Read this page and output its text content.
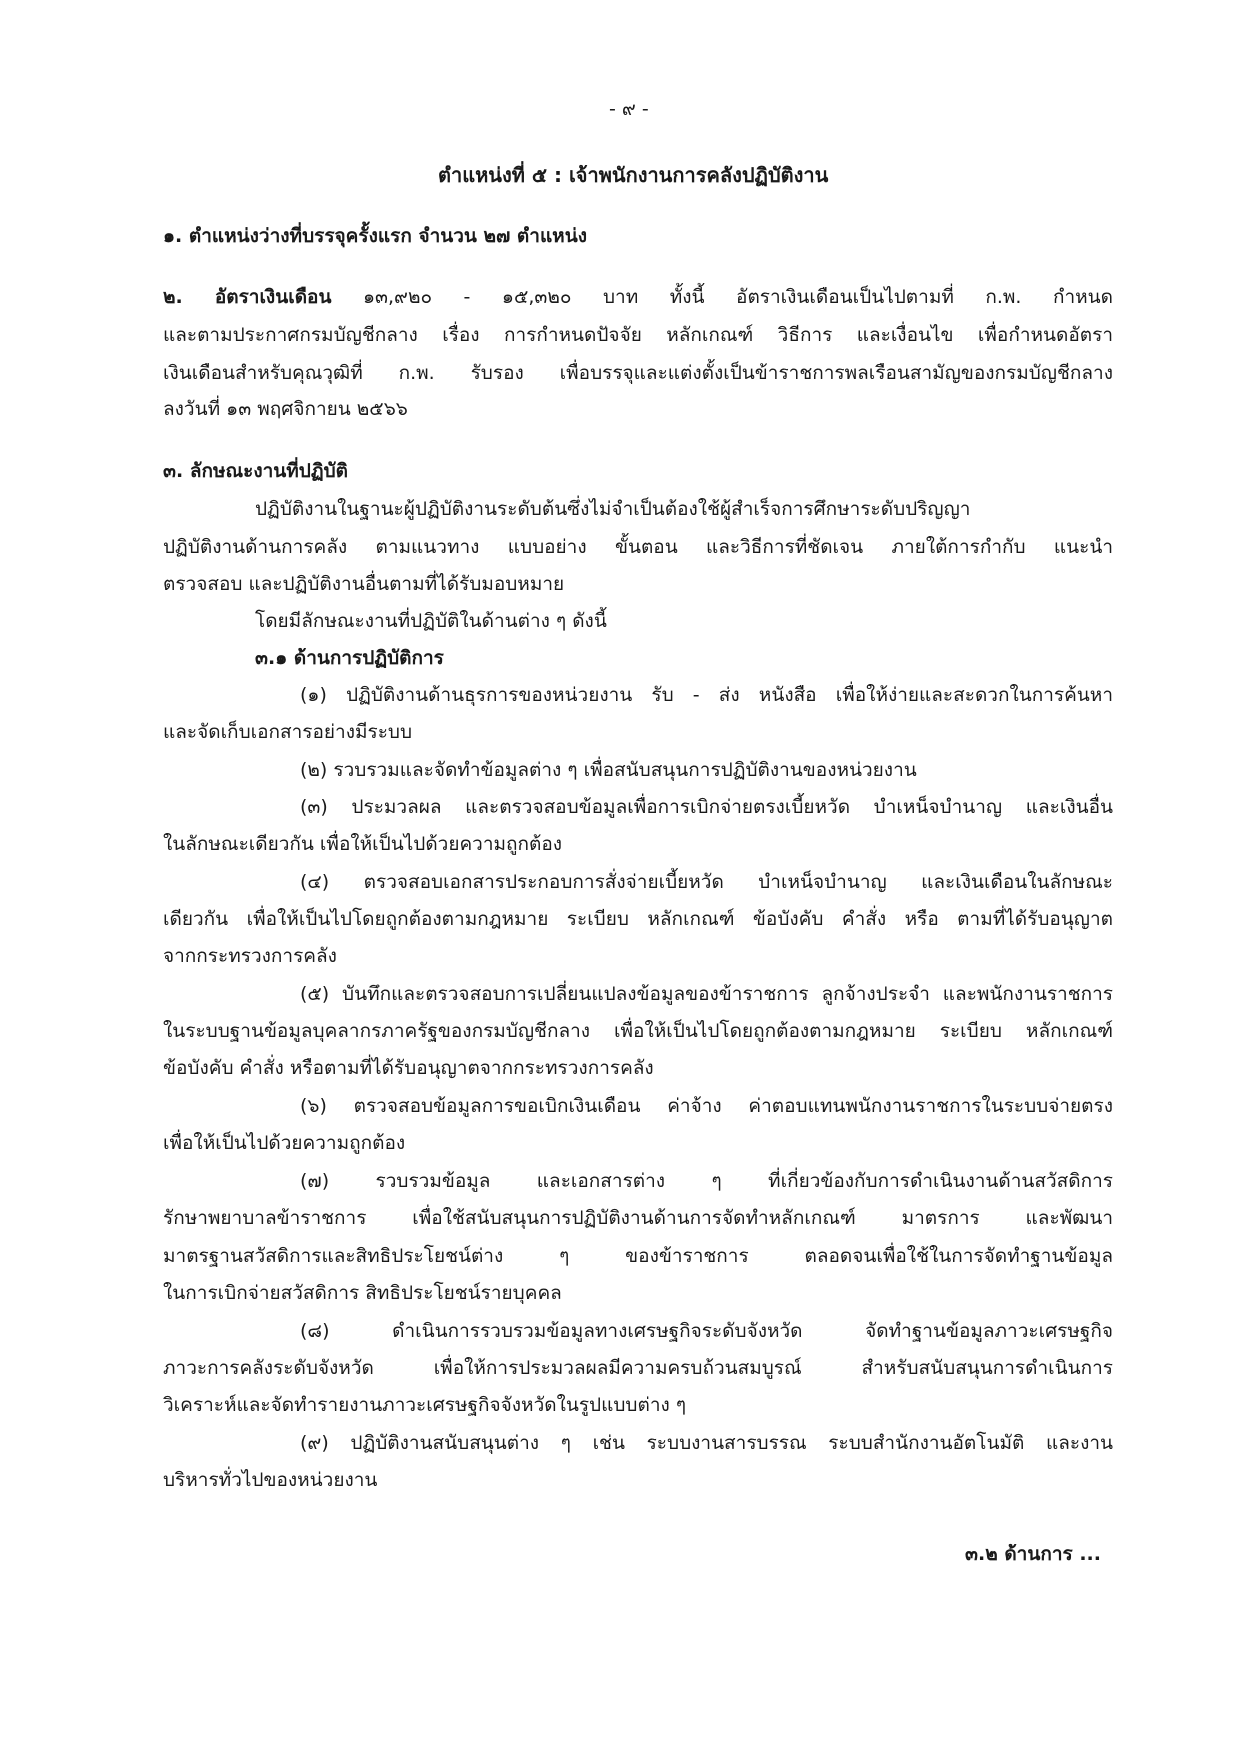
- ๙ -
ตำแหน่งที่ ๕ : เจ้าพนักงานการคลังปฏิบัติงาน
๑. ตำแหน่งว่างที่บรรจุครั้งแรก จำนวน ๒๗ ตำแหน่ง
๒. อัตราเงินเดือน ๑๓,๙๒๐ - ๑๕,๓๒๐ บาท ทั้งนี้ อัตราเงินเดือนเป็นไปตามที่ ก.พ. กำหนด
และตามประกาศกรมบัญชีกลาง เรื่อง การกำหนดปัจจัย หลักเกณฑ์ วิธีการ และเงื่อนไข เพื่อกำหนดอัตรา
เงินเดือนสำหรับคุณวุฒิที่ ก.พ. รับรอง เพื่อบรรจุและแต่งตั้งเป็นข้าราชการพลเรือนสามัญของกรมบัญชีกลาง
ลงวันที่ ๑๓ พฤศจิกายน ๒๕๖๖
๓. ลักษณะงานที่ปฏิบัติ
ปฏิบัติงานในฐานะผู้ปฏิบัติงานระดับต้นซึ่งไม่จำเป็นต้องใช้ผู้สำเร็จการศึกษาระดับปริญญา
ปฏิบัติงานด้านการคลัง ตามแนวทาง แบบอย่าง ขั้นตอน และวิธีการที่ชัดเจน ภายใต้การกำกับ แนะนำ
ตรวจสอบ และปฏิบัติงานอื่นตามที่ได้รับมอบหมาย
โดยมีลักษณะงานที่ปฏิบัติในด้านต่าง ๆ ดังนี้
๓.๑ ด้านการปฏิบัติการ
(๑) ปฏิบัติงานด้านธุรการของหน่วยงาน รับ - ส่ง หนังสือ เพื่อให้ง่ายและสะดวกในการค้นหา
และจัดเก็บเอกสารอย่างมีระบบ
(๒) รวบรวมและจัดทำข้อมูลต่าง ๆ เพื่อสนับสนุนการปฏิบัติงานของหน่วยงาน
(๓) ประมวลผล และตรวจสอบข้อมูลเพื่อการเบิกจ่ายตรงเบี้ยหวัด บำเหน็จบำนาญ และเงินอื่น
ในลักษณะเดียวกัน เพื่อให้เป็นไปด้วยความถูกต้อง
(๔) ตรวจสอบเอกสารประกอบการสั่งจ่ายเบี้ยหวัด บำเหน็จบำนาญ และเงินเดือนในลักษณะ
เดียวกัน เพื่อให้เป็นไปโดยถูกต้องตามกฎหมาย ระเบียบ หลักเกณฑ์ ข้อบังคับ คำสั่ง หรือ ตามที่ได้รับอนุญาต
จากกระทรวงการคลัง
(๕) บันทึกและตรวจสอบการเปลี่ยนแปลงข้อมูลของข้าราชการ ลูกจ้างประจำ และพนักงานราชการ
ในระบบฐานข้อมูลบุคลากรภาครัฐของกรมบัญชีกลาง เพื่อให้เป็นไปโดยถูกต้องตามกฎหมาย ระเบียบ หลักเกณฑ์
ข้อบังคับ คำสั่ง หรือตามที่ได้รับอนุญาตจากกระทรวงการคลัง
(๖) ตรวจสอบข้อมูลการขอเบิกเงินเดือน ค่าจ้าง ค่าตอบแทนพนักงานราชการในระบบจ่ายตรง
เพื่อให้เป็นไปด้วยความถูกต้อง
(๗) รวบรวมข้อมูล และเอกสารต่าง ๆ ที่เกี่ยวข้องกับการดำเนินงานด้านสวัสดิการ
รักษาพยาบาลข้าราชการ เพื่อใช้สนับสนุนการปฏิบัติงานด้านการจัดทำหลักเกณฑ์ มาตรการ และพัฒนา
มาตรฐานสวัสดิการและสิทธิประโยชน์ต่าง ๆ ของข้าราชการ ตลอดจนเพื่อใช้ในการจัดทำฐานข้อมูล
ในการเบิกจ่ายสวัสดิการ สิทธิประโยชน์รายบุคคล
(๘) ดำเนินการรวบรวมข้อมูลทางเศรษฐกิจระดับจังหวัด จัดทำฐานข้อมูลภาวะเศรษฐกิจ
ภาวะการคลังระดับจังหวัด เพื่อให้การประมวลผลมีความครบถ้วนสมบูรณ์ สำหรับสนับสนุนการดำเนินการ
วิเคราะห์และจัดทำรายงานภาวะเศรษฐกิจจังหวัดในรูปแบบต่าง ๆ
(๙) ปฏิบัติงานสนับสนุนต่าง ๆ เช่น ระบบงานสารบรรณ ระบบสำนักงานอัตโนมัติ และงาน
บริหารทั่วไปของหน่วยงาน
๓.๒ ด้านการ ...
